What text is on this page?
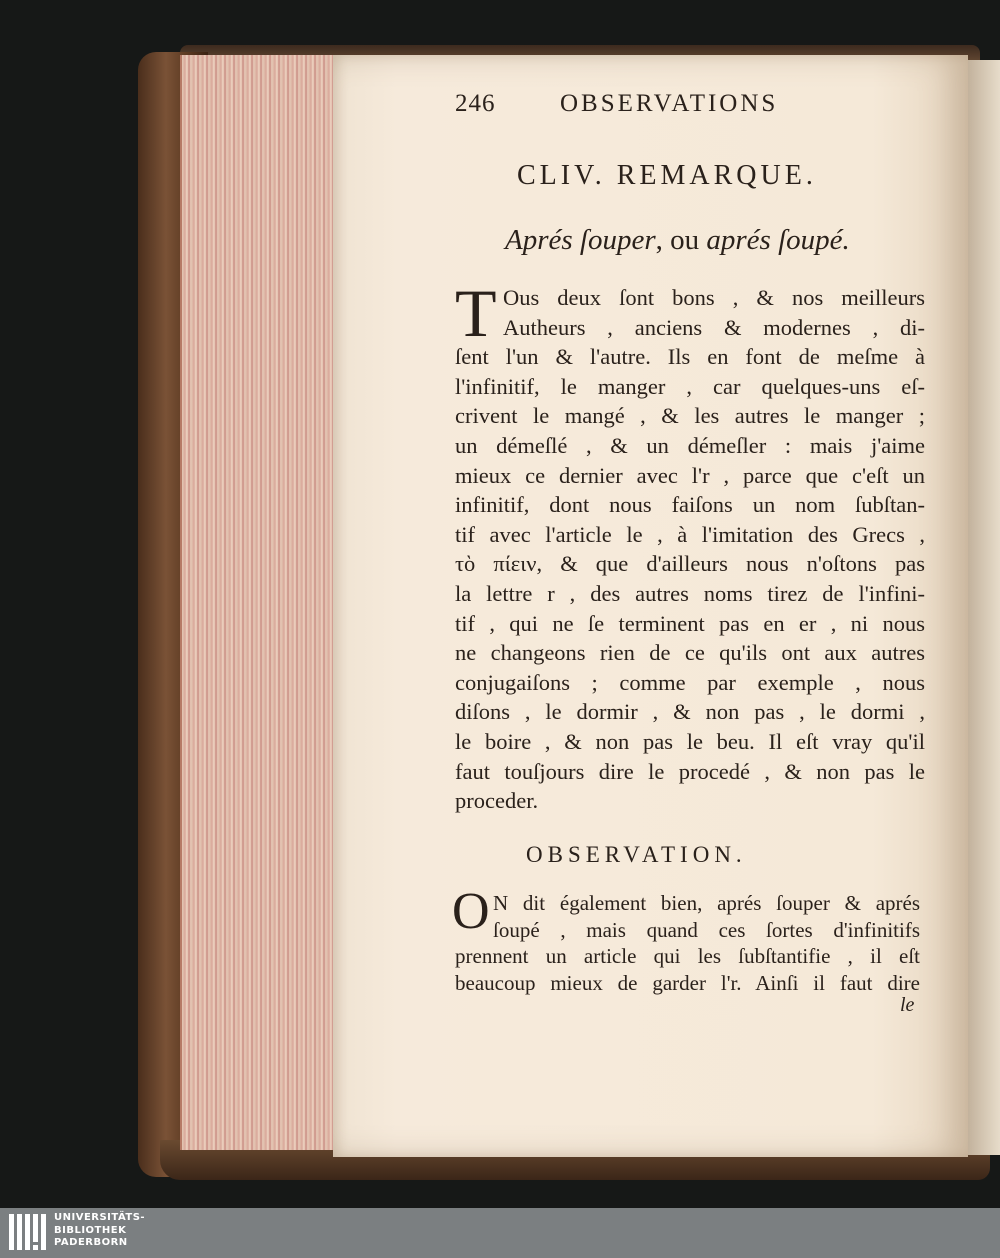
246	OBSERVATIONS
CLIV. REMARQUE.
Aprés ſouper, ou aprés ſoupé.
T Ous deux ſont bons , & nos meilleurs
Autheurs , anciens & modernes , di-
ſent l'un & l'autre. Ils en font de meſme à
l'infinitif, le manger , car quelques-uns eſ-
crivent le mangé , & les autres le manger ;
un démeſlé , & un démeſler : mais j'aime
mieux ce dernier avec l'r , parce que c'eſt un
infinitif, dont nous faiſons un nom ſubſtan-
tif avec l'article le , à l'imitation des Grecs ,
τὸ πίειν, & que d'ailleurs nous n'oſtons pas
la lettre r , des autres noms tirez de l'infini-
tif , qui ne ſe terminent pas en er , ni nous
ne changeons rien de ce qu'ils ont aux autres
conjugaiſons ; comme par exemple , nous
diſons , le dormir , & non pas , le dormi ,
le boire , & non pas le beu. Il eſt vray qu'il
faut touſjours dire le procedé , & non pas le
proceder.
OBSERVATION.
O N dit également bien, aprés ſouper & aprés
ſoupé , mais quand ces ſortes d'infinitifs
prennent un article qui les ſubſtantifie , il eſt
beaucoup mieux de garder l'r. Ainſi il faut dire
le
UNIVERSITÄTS-
BIBLIOTHEK
PADERBORN
